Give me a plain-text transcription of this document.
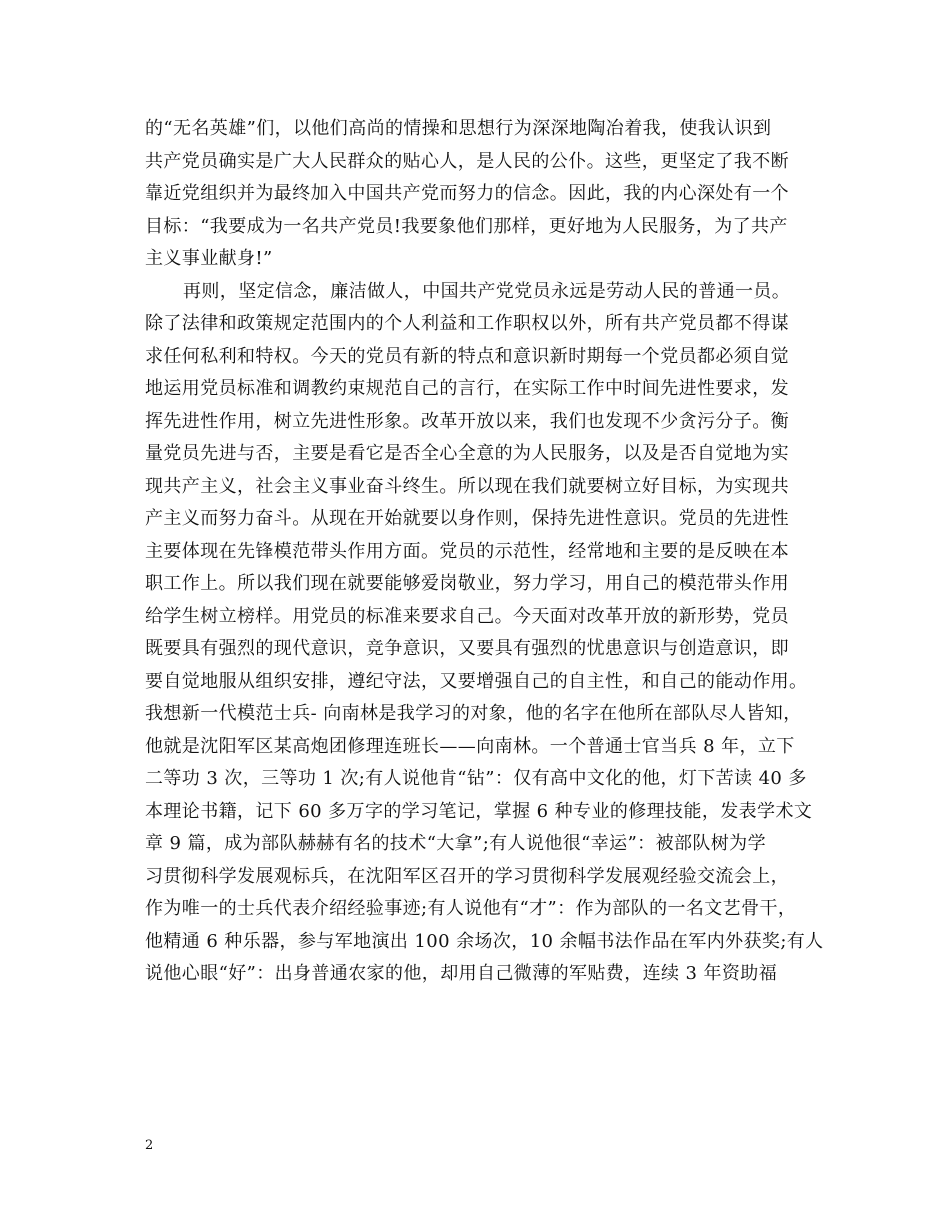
的“无名英雄”们，以他们高尚的情操和思想行为深深地陶冶着我，使我认识到
共产党员确实是广大人民群众的贴心人，是人民的公仆。这些，更坚定了我不断
靠近党组织并为最终加入中国共产党而努力的信念。因此，我的内心深处有一个
目标：“我要成为一名共产党员!我要象他们那样，更好地为人民服务，为了共产
主义事业献身!”
再则，坚定信念，廉洁做人，中国共产党党员永远是劳动人民的普通一员。
除了法律和政策规定范围内的个人利益和工作职权以外，所有共产党员都不得谋
求任何私利和特权。今天的党员有新的特点和意识新时期每一个党员都必须自觉
地运用党员标准和调教约束规范自己的言行，在实际工作中时间先进性要求，发
挥先进性作用，树立先进性形象。改革开放以来，我们也发现不少贪污分子。衡
量党员先进与否，主要是看它是否全心全意的为人民服务，以及是否自觉地为实
现共产主义，社会主义事业奋斗终生。所以现在我们就要树立好目标，为实现共
产主义而努力奋斗。从现在开始就要以身作则，保持先进性意识。党员的先进性
主要体现在先锋模范带头作用方面。党员的示范性，经常地和主要的是反映在本
职工作上。所以我们现在就要能够爱岗敬业，努力学习，用自己的模范带头作用
给学生树立榜样。用党员的标准来要求自己。今天面对改革开放的新形势，党员
既要具有强烈的现代意识，竞争意识，又要具有强烈的忧患意识与创造意识，即
要自觉地服从组织安排，遵纪守法，又要增强自己的自主性，和自己的能动作用。
我想新一代模范士兵- 向南林是我学习的对象，他的名字在他所在部队尽人皆知，
他就是沈阳军区某高炮团修理连班长——向南林。一个普通士官当兵 8 年，立下
二等功 3 次，三等功 1 次;有人说他肯“钻”：仅有高中文化的他，灯下苦读 40 多
本理论书籍，记下 60 多万字的学习笔记，掌握 6 种专业的修理技能，发表学术文
章 9 篇，成为部队赫赫有名的技术“大拿”;有人说他很“幸运”：被部队树为学
习贯彻科学发展观标兵，在沈阳军区召开的学习贯彻科学发展观经验交流会上，
作为唯一的士兵代表介绍经验事迹;有人说他有“才”：作为部队的一名文艺骨干，
他精通 6 种乐器，参与军地演出 100 余场次，10 余幅书法作品在军内外获奖;有人
说他心眼“好”：出身普通农家的他，却用自己微薄的军贴费，连续 3 年资助福
2
